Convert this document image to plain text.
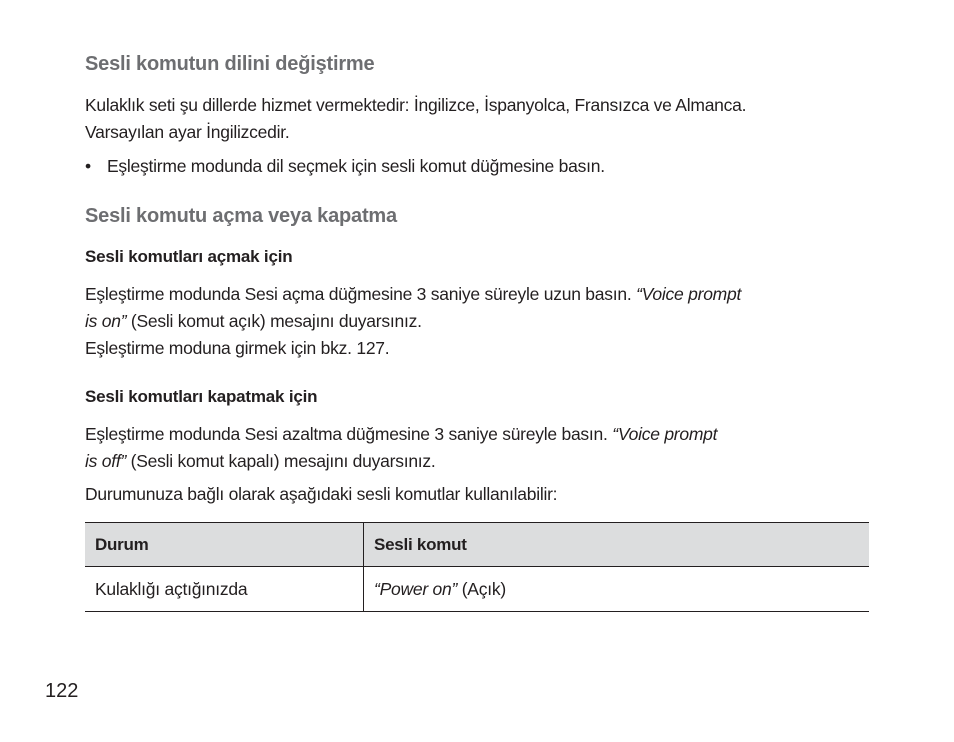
Sesli komutun dilini değiştirme
Kulaklık seti şu dillerde hizmet vermektedir: İngilizce, İspanyolca, Fransızca ve Almanca.
Varsayılan ayar İngilizcedir.
• Eşleştirme modunda dil seçmek için sesli komut düğmesine basın.
Sesli komutu açma veya kapatma
Sesli komutları açmak için
Eşleştirme modunda Sesi açma düğmesine 3 saniye süreyle uzun basın. “Voice prompt
is on” (Sesli komut açık) mesajını duyarsınız.
Eşleştirme moduna girmek için bkz. 127.
Sesli komutları kapatmak için
Eşleştirme modunda Sesi azaltma düğmesine 3 saniye süreyle basın. “Voice prompt
is off” (Sesli komut kapalı) mesajını duyarsınız.
Durumunuza bağlı olarak aşağıdaki sesli komutlar kullanılabilir:
Durum	Sesli komut
Kulaklığı açtığınızda	“Power on” (Açık)
122
